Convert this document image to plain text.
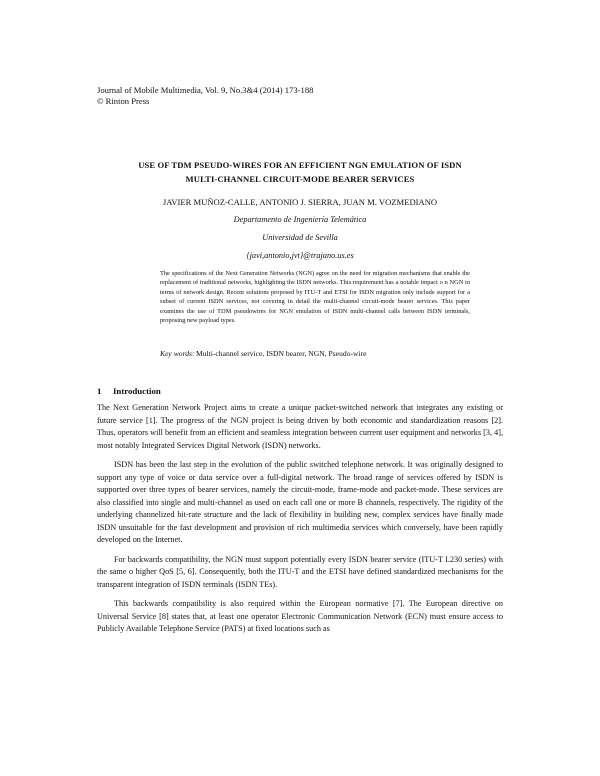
Journal of Mobile Multimedia, Vol. 9, No.3&4 (2014) 173-188
© Rinton Press
USE OF TDM PSEUDO-WIRES FOR AN EFFICIENT NGN EMULATION OF ISDN
MULTI-CHANNEL CIRCUIT-MODE BEARER SERVICES
JAVIER MUÑOZ-CALLE, ANTONIO J. SIERRA, JUAN M. VOZMEDIANO
Departamento de Ingeniería Telemática
Universidad de Sevilla
{javi,antonio,jvt}@trajano.us.es
The specifications of the Next Generation Networks (NGN) agree on the need for migration mechanisms that enable the replacement of traditional networks, highlighting the ISDN networks. This requirement has a notable impact o n NGN in terms of network design. Recent solutions proposed by ITU-T and ETSI for ISDN migration only include support for a subset of current ISDN services, not covering in detail the multi-channel circuit-mode bearer services. This paper examines the use of TDM pseudowires for NGN emulation of ISDN multi-channel calls between ISDN terminals, proposing new payload types.
Key words: Multi-channel service, ISDN bearer, NGN, Pseudo-wire
1 Introduction

The Next Generation Network Project aims to create a unique packet-switched network that integrates any existing or future service [1]. The progress of the NGN project is being driven by both economic and standardization reasons [2]. Thus, operators will benefit from an efficient and seamless integration between current user equipment and networks [3, 4], most notably Integrated Services Digital Network (ISDN) networks.

ISDN has been the last step in the evolution of the public switched telephone network. It was originally designed to support any type of voice or data service over a full-digital network. The broad range of services offered by ISDN is supported over three types of bearer services, namely the circuit-mode, frame-mode and packet-mode. These services are also classified into single and multi-channel as used on each call one or more B channels, respectively. The rigidity of the underlying channelized bit-rate structure and the lack of flexibility in building new, complex services have finally made ISDN unsuitable for the fast development and provision of rich multimedia services which conversely, have been rapidly developed on the Internet.

For backwards compatibility, the NGN must support potentially every ISDN bearer service (ITU-T I.230 series) with the same o higher QoS [5, 6]. Consequently, both the ITU-T and the ETSI have defined standardized mechanisms for the transparent integration of ISDN terminals (ISDN TEs).

This backwards compatibility is also required within the European normative [7]. The European directive on Universal Service [8] states that, at least one operator Electronic Communication Network (ECN) must ensure access to Publicly Available Telephone Service (PATS) at fixed locations such as
